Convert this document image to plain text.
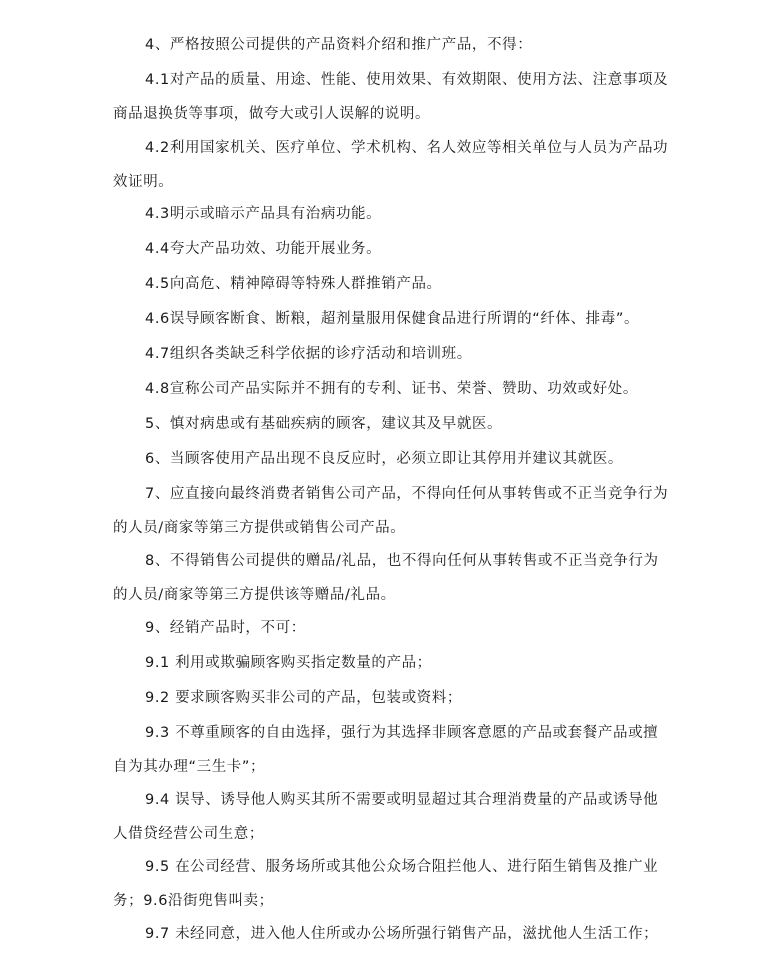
4、严格按照公司提供的产品资料介绍和推广产品，不得：

4.1对产品的质量、用途、性能、使用效果、有效期限、使用方法、注意事项及商品退换货等事项，做夸大或引人误解的说明。

4.2利用国家机关、医疗单位、学术机构、名人效应等相关单位与人员为产品功效证明。

4.3明示或暗示产品具有治病功能。

4.4夸大产品功效、功能开展业务。

4.5向高危、精神障碍等特殊人群推销产品。

4.6误导顾客断食、断粮，超剂量服用保健食品进行所谓的“纤体、排毒”。

4.7组织各类缺乏科学依据的诊疗活动和培训班。

4.8宣称公司产品实际并不拥有的专利、证书、荣誉、赞助、功效或好处。

5、慎对病患或有基础疾病的顾客，建议其及早就医。

6、当顾客使用产品出现不良反应时，必须立即让其停用并建议其就医。

7、应直接向最终消费者销售公司产品，不得向任何从事转售或不正当竞争行为的人员/商家等第三方提供或销售公司产品。

8、不得销售公司提供的赠品/礼品，也不得向任何从事转售或不正当竞争行为的人员/商家等第三方提供该等赠品/礼品。

9、经销产品时，不可：

9.1 利用或欺骗顾客购买指定数量的产品；

9.2 要求顾客购买非公司的产品，包装或资料；

9.3 不尊重顾客的自由选择，强行为其选择非顾客意愿的产品或套餐产品或擅自为其办理“三生卡”；

9.4 误导、诱导他人购买其所不需要或明显超过其合理消费量的产品或诱导他人借贷经营公司生意；

9.5 在公司经营、服务场所或其他公众场合阻拦他人、进行陌生销售及推广业务；9.6沿街兜售叫卖；

9.7 未经同意，进入他人住所或办公场所强行销售产品，滋扰他人生活工作；
